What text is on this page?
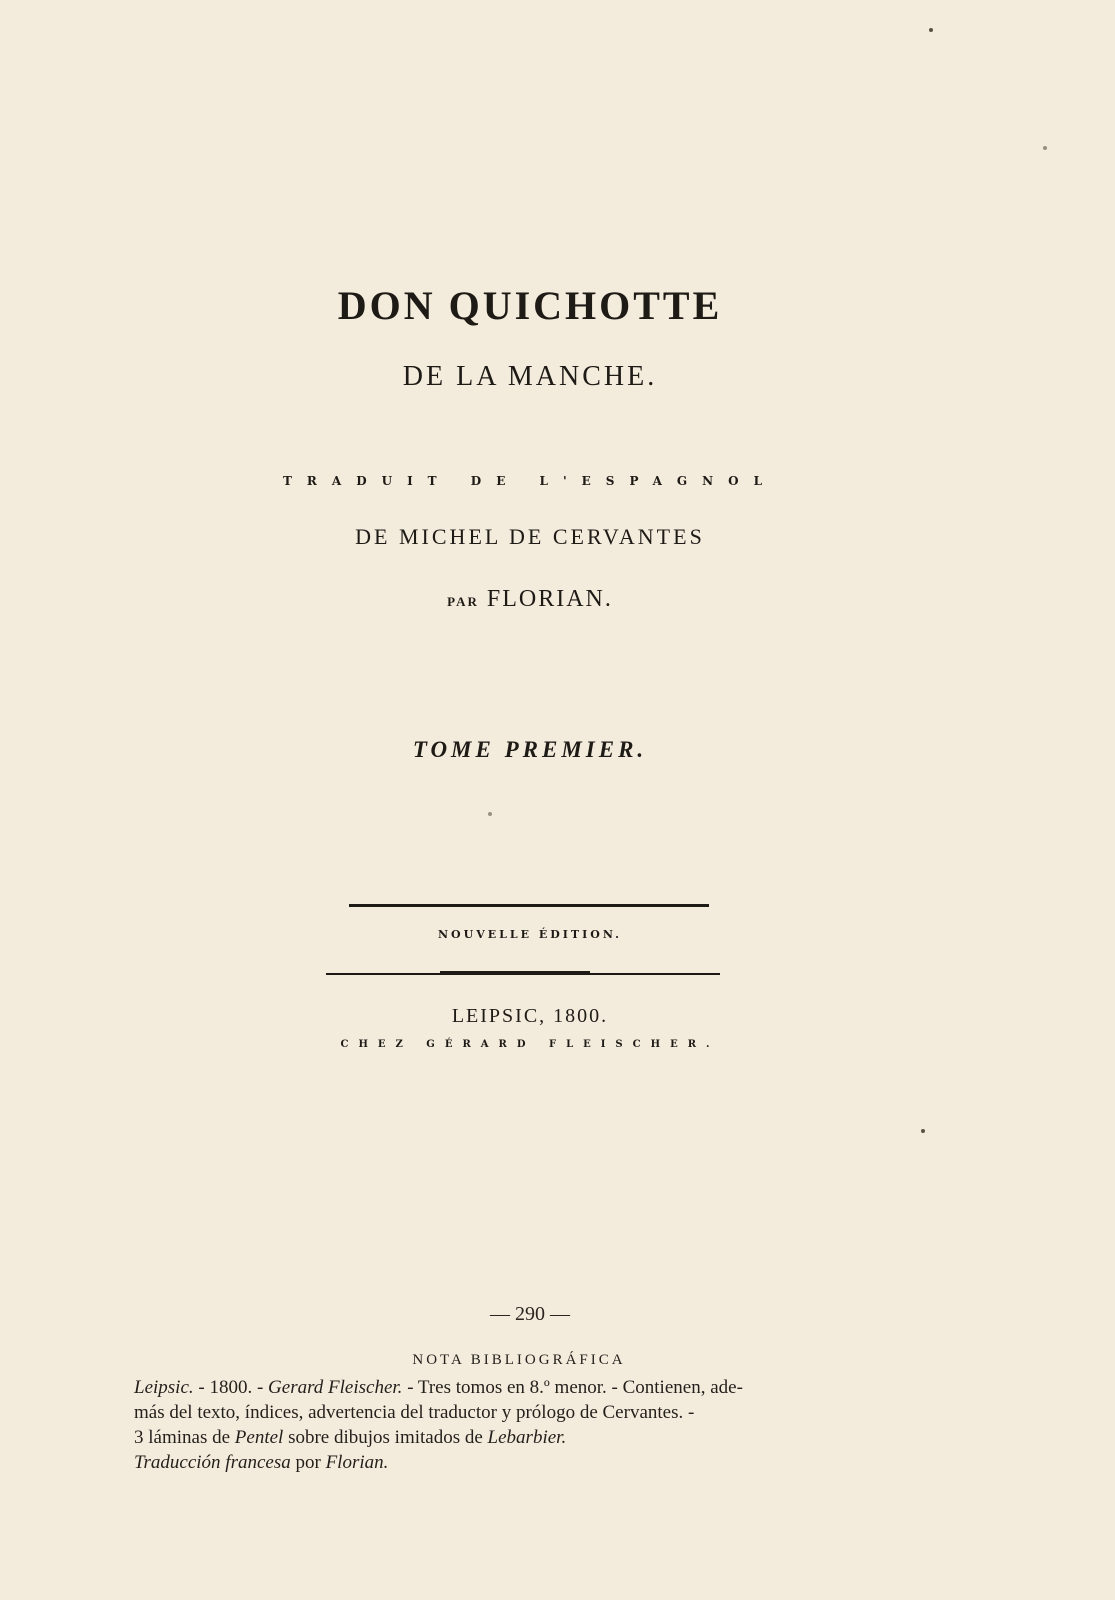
DON QUICHOTTE
DE LA MANCHE.
TRADUIT DE L'ESPAGNOL
DE MICHEL DE CERVANTES
PAR FLORIAN.
TOME PREMIER.
NOUVELLE ÉDITION.
LEIPSIC, 1800.
CHEZ GÉRARD FLEISCHER.
— 290 —
NOTA BIBLIOGRÁFICA

Leipsic. - 1800. - Gerard Fleischer. - Tres tomos en 8.º menor. - Contienen, ade-

más del texto, índices, advertencia del traductor y prólogo de Cervantes. -

3 láminas de Pentel sobre dibujos imitados de Lebarbier.

Traducción francesa por Florian.
